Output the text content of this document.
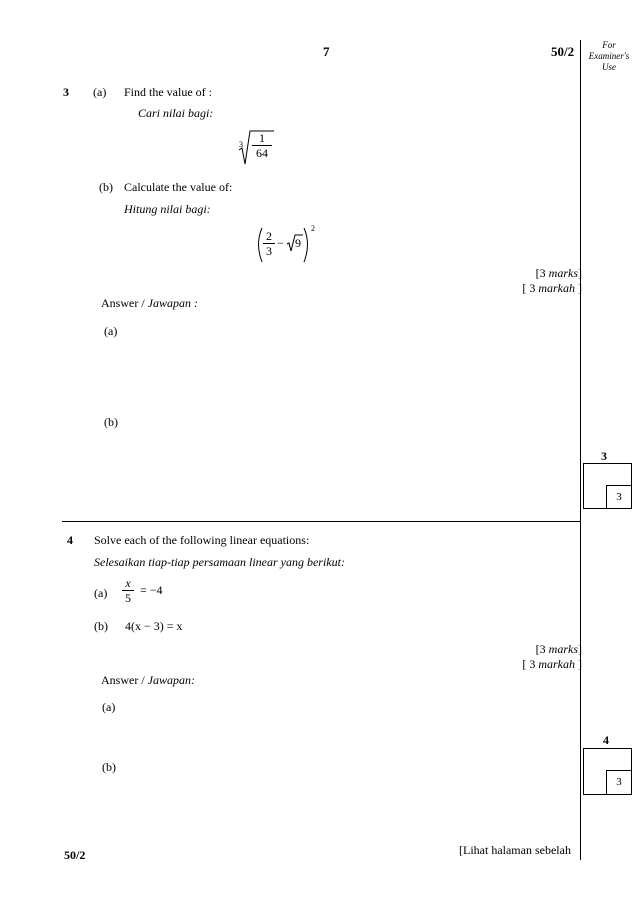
7	50/2	For
Examiner's
Use
3 (a) Find the value of :
Cari nilai bagi:
3	1
64
(b) Calculate the value of:
Hitung nilai bagi:
2
3
− 9
2
[3 marks]
[ 3 markah ]
Answer / Jawapan :
(a)
(b)
3
3
4 Solve each of the following linear equations:
Selesaikan tiap-tiap persamaan linear yang berikut:
$(a) \frac{x}{5} = -4$
(b) 4(x − 3) = x
[3 marks]
[ 3 markah ]
Answer / Jawapan:
(a)
(b)
4
3
50/2	[Lihat halaman sebelah
